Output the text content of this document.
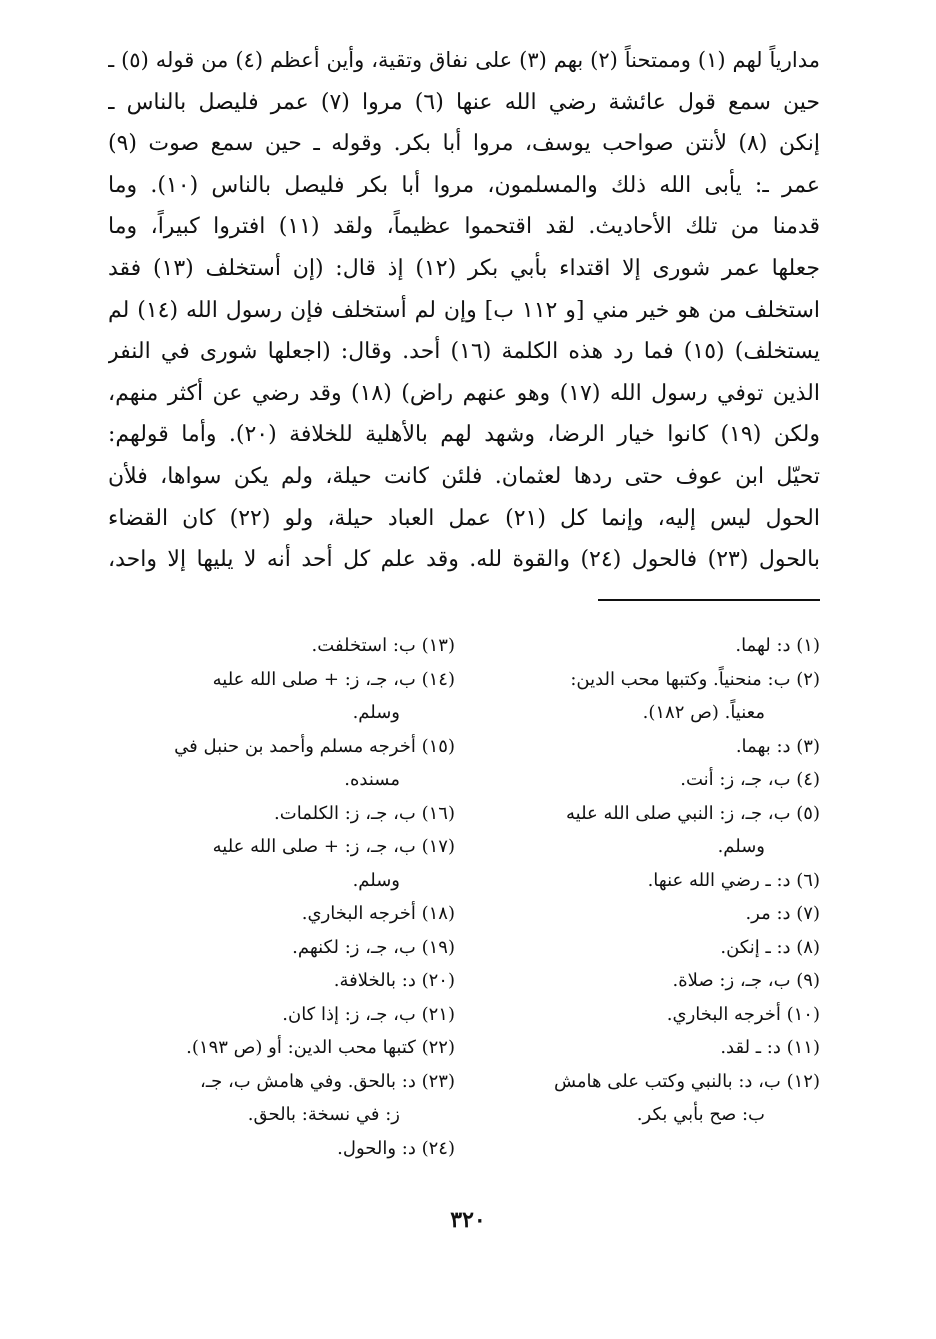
مدارياً لهم (١) وممتحناً (٢) بهم (٣) على نفاق وتقية، وأين أعظم (٤) من قوله (٥) ـ
حين سمع قول عائشة رضي الله عنها (٦) مروا (٧) عمر فليصل بالناس ـ
إنكن (٨) لأنتن صواحب يوسف، مروا أبا بكر. وقوله ـ حين سمع صوت (٩)
عمر ـ: يأبى الله ذلك والمسلمون، مروا أبا بكر فليصل بالناس (١٠). وما
قدمنا من تلك الأحاديث. لقد اقتحموا عظيماً، ولقد (١١) افتروا كبيراً، وما
جعلها عمر شورى إلا اقتداء بأبي بكر (١٢) إذ قال: (إن أستخلف (١٣) فقد
استخلف من هو خير مني [و ١١٢ ب] وإن لم أستخلف فإن رسول الله (١٤) لم
يستخلف) (١٥) فما رد هذه الكلمة (١٦) أحد. وقال: (اجعلها شورى في النفر
الذين توفي رسول الله (١٧) وهو عنهم راض) (١٨) وقد رضي عن أكثر منهم،
ولكن (١٩) كانوا خيار الرضا، وشهد لهم بالأهلية للخلافة (٢٠). وأما قولهم:
تحيّل ابن عوف حتى ردها لعثمان. فلئن كانت حيلة، ولم يكن سواها، فلأن
الحول ليس إليه، وإنما كل (٢١) عمل العباد حيلة، ولو (٢٢) كان القضاء
بالحول (٢٣) فالحول (٢٤) والقوة لله. وقد علم كل أحد أنه لا يليها إلا واحد،
(١) د: لهما.
(٢) ب: منحنياً. وكتبها محب الدين:
معنياً. (ص ١٨٢).
(٣) د: بهما.
(٤) ب، جـ، ز: أنت.
(٥) ب، جـ، ز: النبي صلى الله عليه
وسلم.
(٦) د: ـ رضي الله عنها.
(٧) د: مر.
(٨) د: ـ إنكن.
(٩) ب، جـ، ز: صلاة.
(١٠) أخرجه البخاري.
(١١) د: ـ لقد.
(١٢) ب، د: بالنبي وكتب على هامش
ب: صح بأبي بكر.
(١٣) ب: استخلفت.
(١٤) ب، جـ، ز: + صلى الله عليه
وسلم.
(١٥) أخرجه مسلم وأحمد بن حنبل في
مسنده.
(١٦) ب، جـ، ز: الكلمات.
(١٧) ب، جـ، ز: + صلى الله عليه
وسلم.
(١٨) أخرجه البخاري.
(١٩) ب، جـ، ز: لكنهم.
(٢٠) د: بالخلافة.
(٢١) ب، جـ، ز: إذا كان.
(٢٢) كتبها محب الدين: أو (ص ١٩٣).
(٢٣) د: بالحق. وفي هامش ب، جـ،
ز: في نسخة: بالحق.
(٢٤) د: والحول.
٣٢٠
